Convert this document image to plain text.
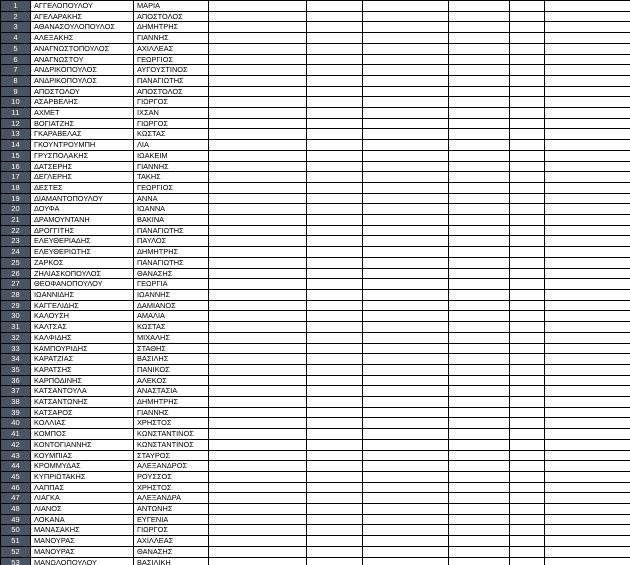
1	ΑΓΓΕΛΟΠΟΥΛΟΥ	ΜΑΡΙΑ						
2	ΑΓΕΛΑΡΑΚΗΣ	ΑΠΟΣΤΟΛΟΣ						
3	ΑΘΑΝΑΣΟΥΛΟΠΟΥΛΟΣ	ΔΗΜΗΤΡΗΣ						
4	ΑΛΕΞΑΚΗΣ	ΓΙΑΝΝΗΣ						
5	ΑΝΑΓΝΩΣΤΟΠΟΥΛΟΣ	ΑΧΙΛΛΕΑΣ						
6	ΑΝΑΓΝΩΣΤΟΥ	ΓΕΩΡΓΙΟΣ						
7	ΑΝΔΡΙΚΟΠΟΥΛΟΣ	ΑΥΓΟΥΣΤΙΝΟΣ						
8	ΑΝΔΡΙΚΟΠΟΥΛΟΣ	ΠΑΝΑΓΙΩΤΗΣ						
9	ΑΠΟΣΤΟΛΟΥ	ΑΠΟΣΤΟΛΟΣ						
10	ΑΣΑΡΒΕΛΗΣ	ΓΙΩΡΓΟΣ						
11	ΑΧΜΕΤ	ΙΧΣΑΝ						
12	ΒΟΓΙΑΤΖΗΣ	ΓΙΩΡΓΟΣ						
13	ΓΚΑΡΑΒΕΛΑΣ	ΚΩΣΤΑΣ						
14	ΓΚΟΥΝΤΡΟΥΜΠΗ	ΛΙΑ						
15	ΓΡΥΣΠΟΛΑΚΗΣ	ΙΩΑΚΕΙΜ						
16	ΔΑΤΣΕΡΗΣ	ΓΙΑΝΝΗΣ						
17	ΔΕΓΛΕΡΗΣ	ΤΑΚΗΣ						
18	ΔΕΣΤΕΣ	ΓΕΩΡΓΙΟΣ						
19	ΔΙΑΜΑΝΤΟΠΟΥΛΟΥ	ΑΝΝΑ						
20	ΔΟΥΦΑ	ΙΩΑΝΝΑ						
21	ΔΡΑΜΟΥΝΤΑΝΗ	ΒΑΚΙΝΑ						
22	ΔΡΟΓΓΙΤΗΣ	ΠΑΝΑΓΙΩΤΗΣ						
23	ΕΛΕΥΘΕΡΙΑΔΗΣ	ΠΑΥΛΟΣ						
24	ΕΛΕΥΘΕΡΙΩΤΗΣ	ΔΗΜΗΤΡΗΣ						
25	ΖΑΡΚΟΣ	ΠΑΝΑΓΙΩΤΗΣ						
26	ΖΗΛΙΑΣΚΟΠΟΥΛΟΣ	ΘΑΝΑΣΗΣ						
27	ΘΕΟΦΑΝΟΠΟΥΛΟΥ	ΓΕΩΡΓΙΑ						
28	ΙΩΑΝΝΙΔΗΣ	ΙΩΑΝΝΗΣ						
29	ΚΑΓΓΕΛΙΔΗΣ	ΔΑΜΙΑΝΟΣ						
30	ΚΑΛΟΥΣΗ	ΑΜΑΛΙΑ						
31	ΚΑΛΤΣΑΣ	ΚΩΣΤΑΣ						
32	ΚΑΛΦΙΔΗΣ	ΜΙΧΑΛΗΣ						
33	ΚΑΜΠΟΥΡΙΔΗΣ	ΣΤΑΘΗΣ						
34	ΚΑΡΑΤΖΙΑΣ	ΒΑΣΙΛΗΣ						
35	ΚΑΡΑΤΣΗΣ	ΠΑΝΙΚΟΣ						
36	ΚΑΡΠΟΔΙΝΗΣ	ΑΛΕΚΟΣ						
37	ΚΑΤΣΑΝΤΟΥΛΑ	ΑΝΑΣΤΑΣΙΑ						
38	ΚΑΤΣΑΝΤΩΝΗΣ	ΔΗΜΗΤΡΗΣ						
39	ΚΑΤΣΑΡΟΣ	ΓΙΑΝΝΗΣ						
40	ΚΟΛΛΙΑΣ	ΧΡΗΣΤΟΣ						
41	ΚΟΜΠΟΣ	ΚΩΝΣΤΑΝΤΙΝΟΣ						
42	ΚΟΝΤΟΓΙΑΝΝΗΣ	ΚΩΝΣΤΑΝΤΙΝΟΣ						
43	ΚΟΥΜΠΙΑΣ	ΣΤΑΥΡΟΣ						
44	ΚΡΟΜΜΥΔΑΣ	ΑΛΕΞΑΝΔΡΟΣ						
45	ΚΥΠΡΙΩΤΑΚΗΣ	ΡΟΥΣΣΟΣ						
46	ΛΑΠΠΑΣ	ΧΡΗΣΤΟΣ						
47	ΛΙΑΓΚΑ	ΑΛΕΞΑΝΔΡΑ						
48	ΛΙΑΝΟΣ	ΑΝΤΩΝΗΣ						
49	ΛΟΚΑΝΑ	ΕΥΓΕΝΙΑ						
50	ΜΑΝΑΣΑΚΗΣ	ΓΙΩΡΓΟΣ						
51	ΜΑΝΟΥΡΑΣ	ΑΧΙΛΛΕΑΣ						
52	ΜΑΝΟΥΡΑΣ	ΘΑΝΑΣΗΣ						
53	ΜΑΝΩΛΟΠΟΥΛΟΥ	ΒΑΣΙΛΙΚΗ						
